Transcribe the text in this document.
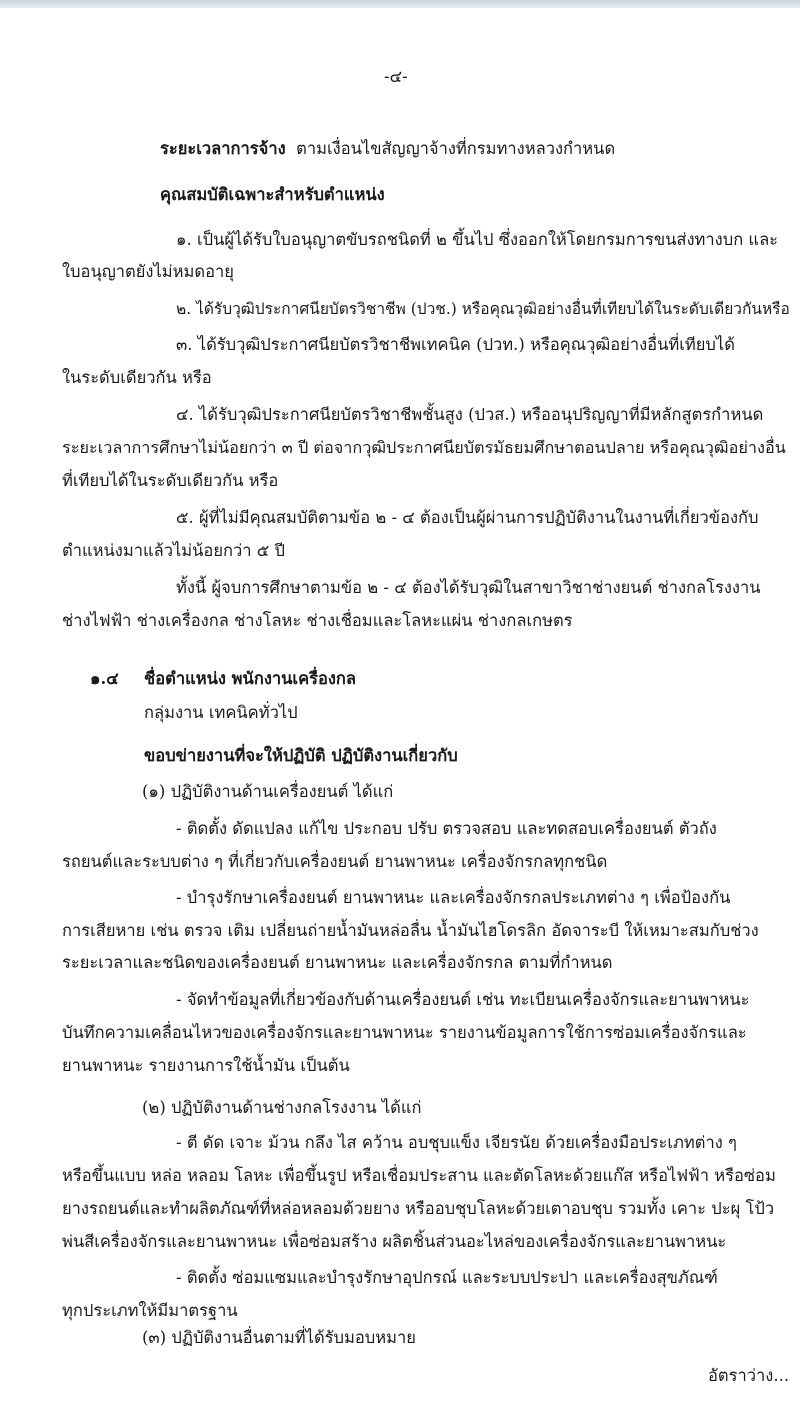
-๔-
ระยะเวลาการจ้าง ตามเงื่อนไขสัญญาจ้างที่กรมทางหลวงกำหนด
คุณสมบัติเฉพาะสำหรับตำแหน่ง
๑. เป็นผู้ได้รับใบอนุญาตขับรถชนิดที่ ๒ ขึ้นไป ซึ่งออกให้โดยกรมการขนส่งทางบก และ
ใบอนุญาตยังไม่หมดอายุ
๒. ได้รับวุฒิประกาศนียบัตรวิชาชีพ (ปวช.) หรือคุณวุฒิอย่างอื่นที่เทียบได้ในระดับเดียวกันหรือ
๓. ได้รับวุฒิประกาศนียบัตรวิชาชีพเทคนิค (ปวท.) หรือคุณวุฒิอย่างอื่นที่เทียบได้
ในระดับเดียวกัน หรือ
๔. ได้รับวุฒิประกาศนียบัตรวิชาชีพชั้นสูง (ปวส.) หรืออนุปริญญาที่มีหลักสูตรกำหนด
ระยะเวลาการศึกษาไม่น้อยกว่า ๓ ปี ต่อจากวุฒิประกาศนียบัตรมัธยมศึกษาตอนปลาย หรือคุณวุฒิอย่างอื่น
ที่เทียบได้ในระดับเดียวกัน หรือ
๕. ผู้ที่ไม่มีคุณสมบัติตามข้อ ๒ - ๔ ต้องเป็นผู้ผ่านการปฏิบัติงานในงานที่เกี่ยวข้องกับ
ตำแหน่งมาแล้วไม่น้อยกว่า ๕ ปี
ทั้งนี้ ผู้จบการศึกษาตามข้อ ๒ - ๔ ต้องได้รับวุฒิในสาขาวิชาช่างยนต์ ช่างกลโรงงาน
ช่างไฟฟ้า ช่างเครื่องกล ช่างโลหะ ช่างเชื่อมและโลหะแผ่น ช่างกลเกษตร
๑.๔ ชื่อตำแหน่ง พนักงานเครื่องกล
กลุ่มงาน เทคนิคทั่วไป
ขอบข่ายงานที่จะให้ปฏิบัติ ปฏิบัติงานเกี่ยวกับ
(๑) ปฏิบัติงานด้านเครื่องยนต์ ได้แก่
- ติดตั้ง ดัดแปลง แก้ไข ประกอบ ปรับ ตรวจสอบ และทดสอบเครื่องยนต์ ตัวถัง
รถยนต์และระบบต่าง ๆ ที่เกี่ยวกับเครื่องยนต์ ยานพาหนะ เครื่องจักรกลทุกชนิด
- บำรุงรักษาเครื่องยนต์ ยานพาหนะ และเครื่องจักรกลประเภทต่าง ๆ เพื่อป้องกัน
การเสียหาย เช่น ตรวจ เติม เปลี่ยนถ่ายน้ำมันหล่อลื่น น้ำมันไฮโดรลิก อัดจาระบี ให้เหมาะสมกับช่วง
ระยะเวลาและชนิดของเครื่องยนต์ ยานพาหนะ และเครื่องจักรกล ตามที่กำหนด
- จัดทำข้อมูลที่เกี่ยวข้องกับด้านเครื่องยนต์ เช่น ทะเบียนเครื่องจักรและยานพาหนะ
บันทึกความเคลื่อนไหวของเครื่องจักรและยานพาหนะ รายงานข้อมูลการใช้การซ่อมเครื่องจักรและ
ยานพาหนะ รายงานการใช้น้ำมัน เป็นต้น
(๒) ปฏิบัติงานด้านช่างกลโรงงาน ได้แก่
- ตี ดัด เจาะ ม้วน กลึง ไส คว้าน อบชุบแข็ง เจียรนัย ด้วยเครื่องมือประเภทต่าง ๆ
หรือขึ้นแบบ หล่อ หลอม โลหะ เพื่อขึ้นรูป หรือเชื่อมประสาน และตัดโลหะด้วยแก๊ส หรือไฟฟ้า หรือซ่อม
ยางรถยนต์และทำผลิตภัณฑ์ที่หล่อหลอมด้วยยาง หรืออบชุบโลหะด้วยเตาอบชุบ รวมทั้ง เคาะ ปะผุ โป้ว
พ่นสีเครื่องจักรและยานพาหนะ เพื่อซ่อมสร้าง ผลิตชิ้นส่วนอะไหล่ของเครื่องจักรและยานพาหนะ
- ติดตั้ง ซ่อมแซมและบำรุงรักษาอุปกรณ์ และระบบประปา และเครื่องสุขภัณฑ์
ทุกประเภทให้มีมาตรฐาน
(๓) ปฏิบัติงานอื่นตามที่ได้รับมอบหมาย
อัตราว่าง...
